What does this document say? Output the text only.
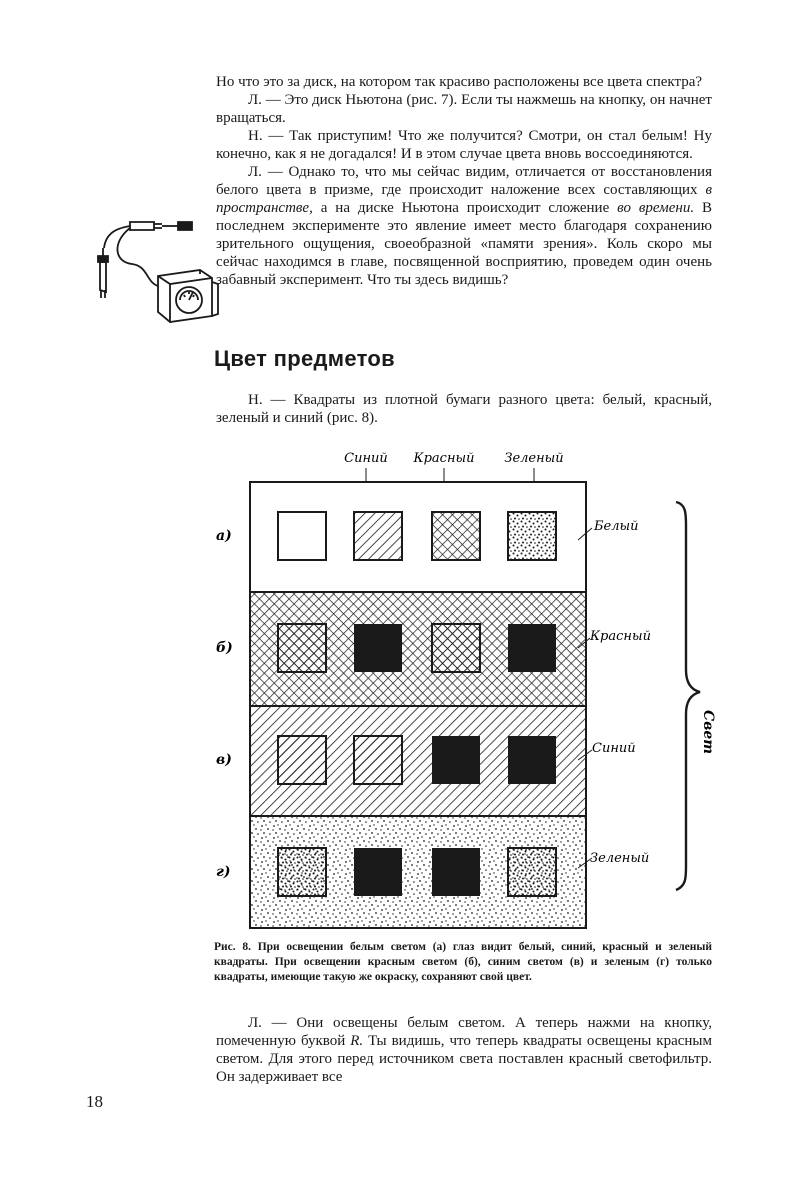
Но что это за диск, на котором так красиво расположены все цвета спектра?

Л. — Это диск Ньютона (рис. 7). Если ты нажмешь на кнопку, он начнет вращаться.

Н. — Так приступим! Что же получится? Смотри, он стал белым! Ну конечно, как я не догадался! И в этом случае цвета вновь воссоединяются.

Л. — Однако то, что мы сейчас видим, отличается от восстановления белого цвета в призме, где происходит наложение всех составляющих в пространстве, а на диске Ньютона происходит сложение во времени. В последнем эксперименте это явление имеет место благодаря сохранению зрительного ощущения, своеобразной «памяти зрения». Коль скоро мы сейчас находимся в главе, посвященной восприятию, проведем один очень забавный эксперимент. Что ты здесь видишь?

Цвет предметов

Н. — Квадраты из плотной бумаги разного цвета: белый, красный, зеленый и синий (рис. 8).

Синий Красный Зеленый
а)
б)
в)
г)
Белый
Красный
Синий
Зеленый
Свет
Рис. 8. При освещении белым светом (а) глаз видит белый, синий, красный и зеленый квадраты. При освещении красным светом (б), синим светом (в) и зеленым (г) только квадраты, имеющие такую же окраску, сохраняют свой цвет.

Л. — Они освещены белым светом. А теперь нажми на кнопку, помеченную буквой R. Ты видишь, что теперь квадраты освещены красным светом. Для этого перед источником света поставлен красный светофильтр. Он задерживает все

18
